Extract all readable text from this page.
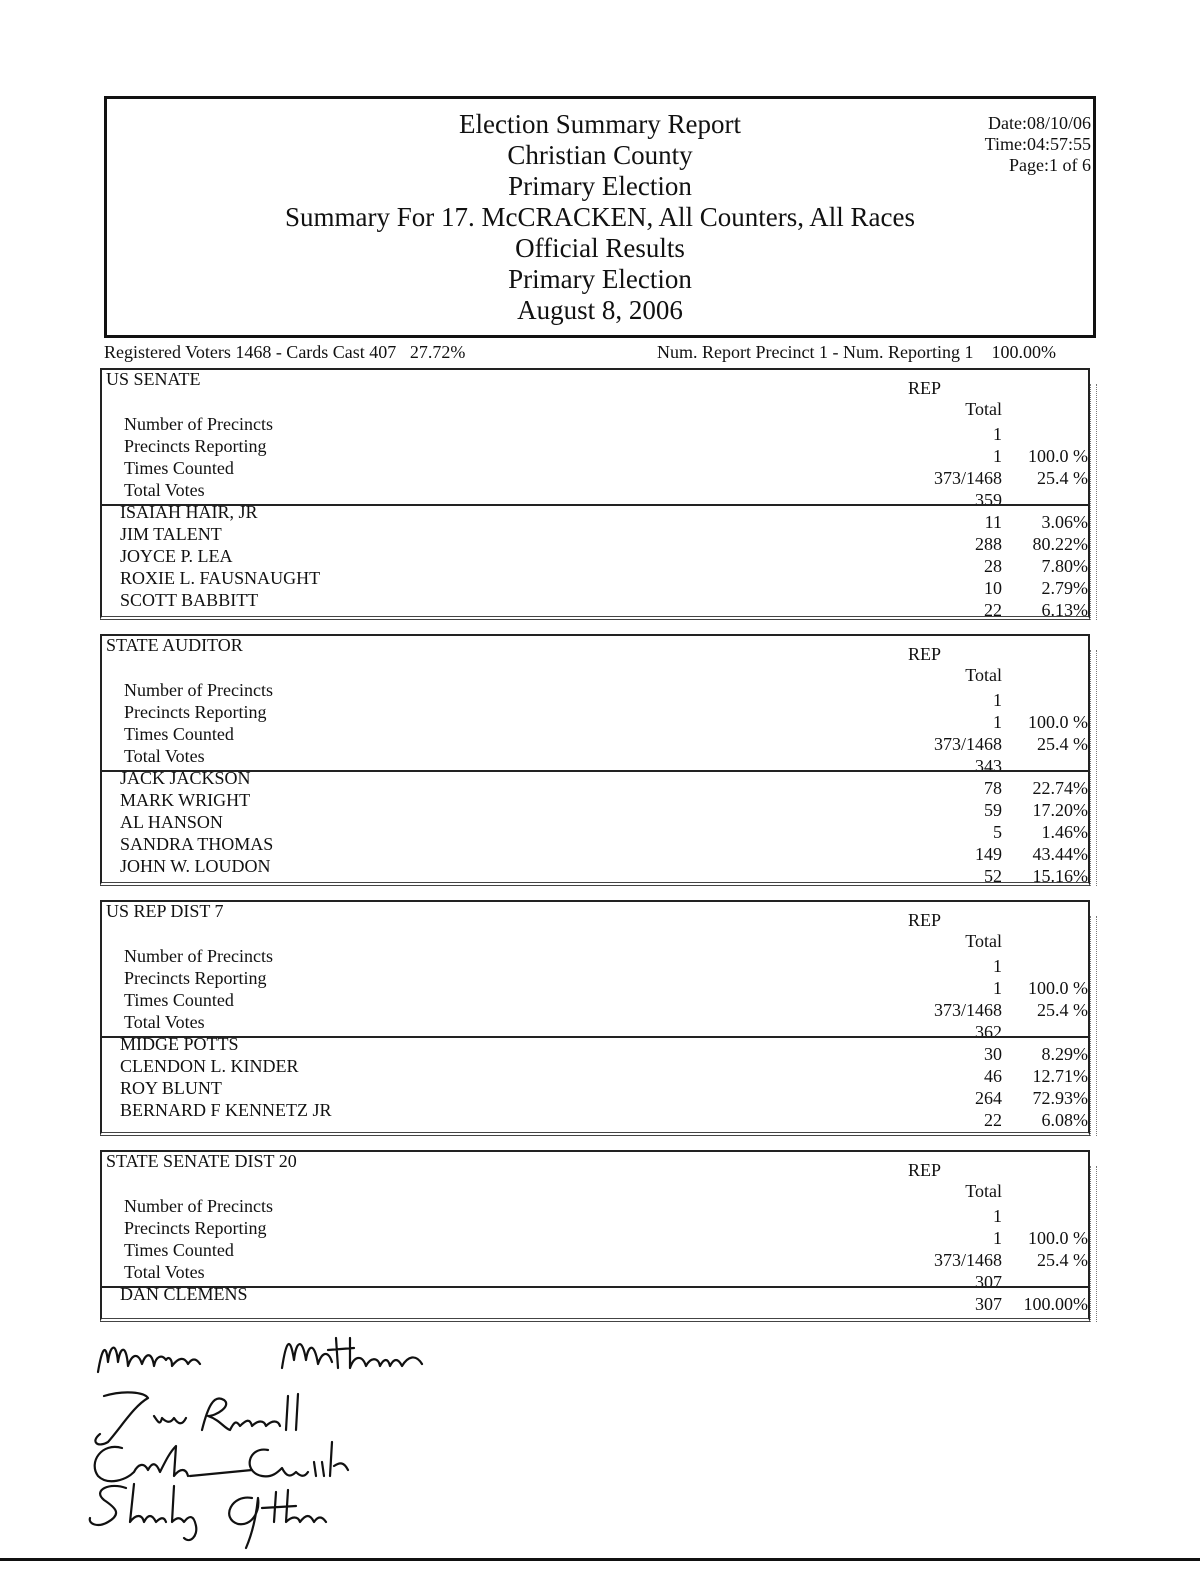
Election Summary Report
Christian County
Primary Election
Summary For 17. McCRACKEN, All Counters, All Races
Official Results
Primary Election
August 8, 2006
Date:08/10/06
Time:04:57:55
Page:1 of 6
Registered Voters 1468 - Cards Cast 407 27.72%	Num. Report Precinct 1 - Num. Reporting 1 100.00%
US SENATE	REP
Total
Number of Precincts	1
Precincts Reporting	1	100.0 %
Times Counted	373/1468	25.4 %
Total Votes	359
ISAIAH HAIR, JR	11	3.06%
JIM TALENT	288	80.22%
JOYCE P. LEA	28	7.80%
ROXIE L. FAUSNAUGHT	10	2.79%
SCOTT BABBITT	22	6.13%
STATE AUDITOR	REP
Total
Number of Precincts	1
Precincts Reporting	1	100.0 %
Times Counted	373/1468	25.4 %
Total Votes	343
JACK JACKSON	78	22.74%
MARK WRIGHT	59	17.20%
AL HANSON	5	1.46%
SANDRA THOMAS	149	43.44%
JOHN W. LOUDON	52	15.16%
US REP DIST 7	REP
Total
Number of Precincts	1
Precincts Reporting	1	100.0 %
Times Counted	373/1468	25.4 %
Total Votes	362
MIDGE POTTS	30	8.29%
CLENDON L. KINDER	46	12.71%
ROY BLUNT	264	72.93%
BERNARD F KENNETZ JR	22	6.08%
STATE SENATE DIST 20	REP
Total
Number of Precincts	1
Precincts Reporting	1	100.0 %
Times Counted	373/1468	25.4 %
Total Votes	307
DAN CLEMENS	307	100.00%
